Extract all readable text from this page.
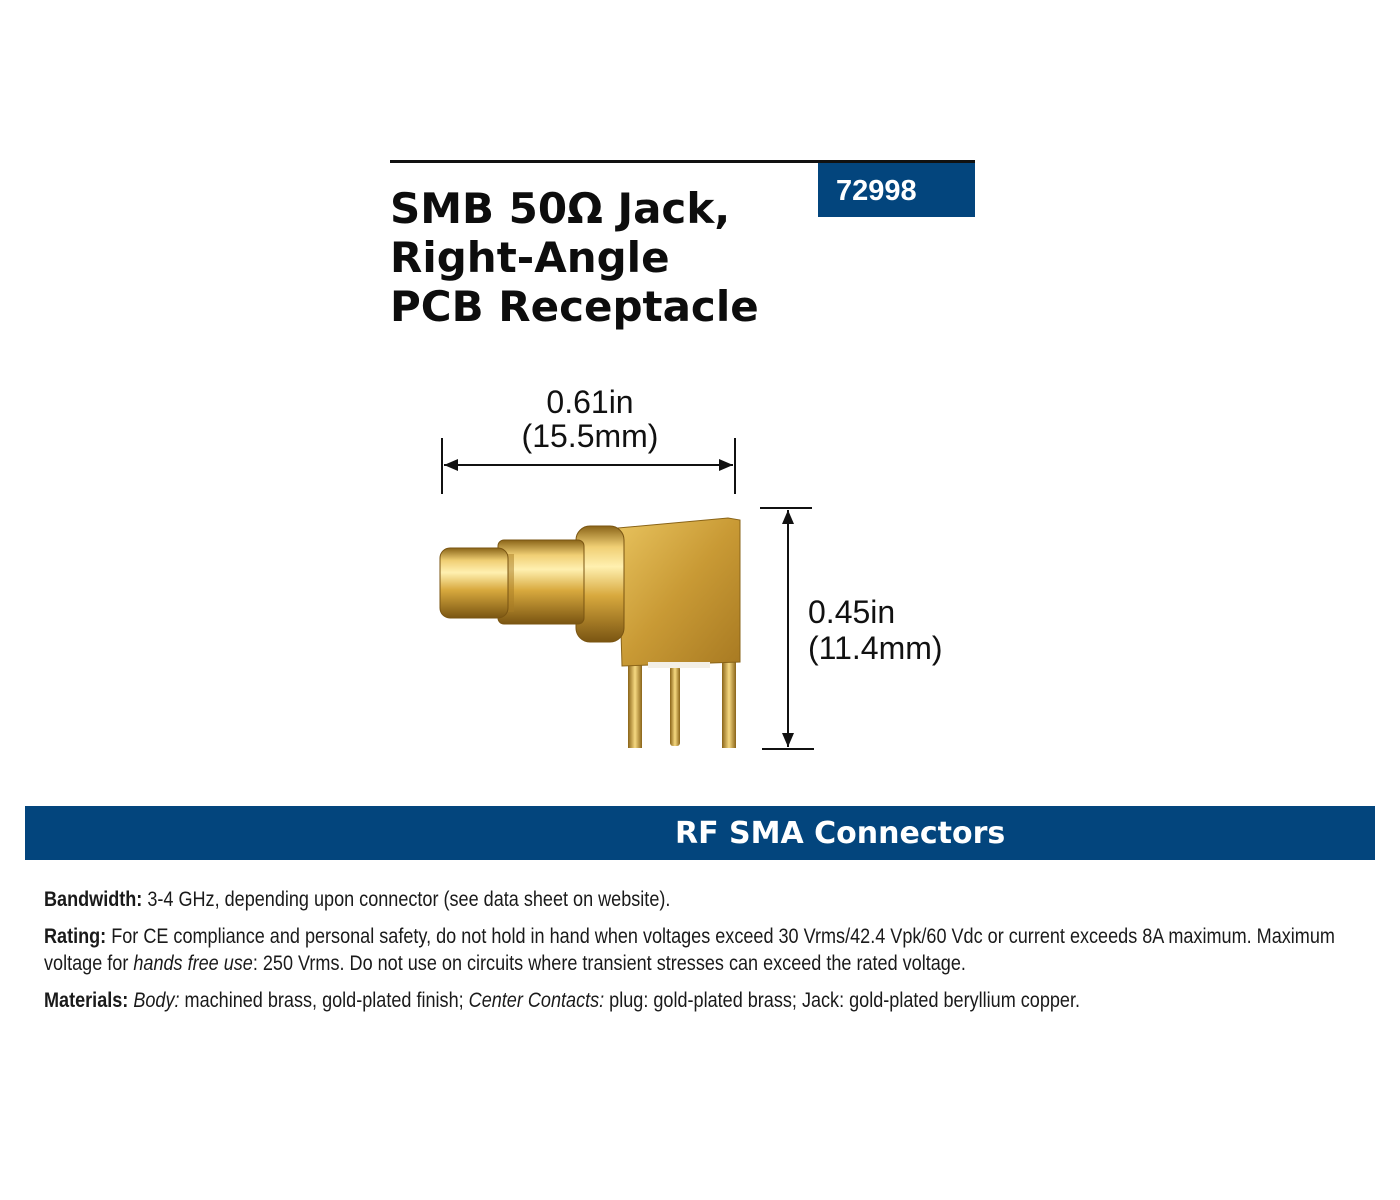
72998
SMB 50Ω Jack,
Right-Angle
PCB Receptacle
0.61in
(15.5mm)
0.45in
(11.4mm)
RF SMA Connectors

Bandwidth: 3-4 GHz, depending upon connector (see data sheet on website).

Rating: For CE compliance and personal safety, do not hold in hand when voltages exceed 30 Vrms/42.4 Vpk/60 Vdc or current exceeds 8A maximum. Maximum voltage for hands free use: 250 Vrms. Do not use on circuits where transient stresses can exceed the rated voltage.

Materials: Body: machined brass, gold-plated finish; Center Contacts: plug: gold-plated brass; Jack: gold-plated beryllium copper.
